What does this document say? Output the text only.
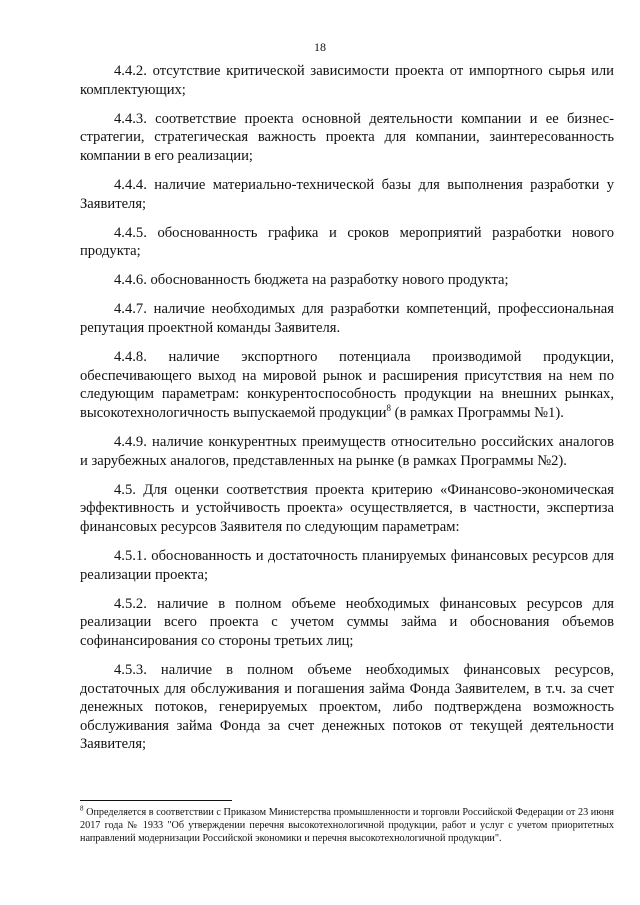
18

4.4.2. отсутствие критической зависимости проекта от импортного сырья или комплектующих;

4.4.3. соответствие проекта основной деятельности компании и ее бизнес-стратегии, стратегическая важность проекта для компании, заинтересованность компании в его реализации;

4.4.4. наличие материально-технической базы для выполнения разработки у Заявителя;

4.4.5. обоснованность графика и сроков мероприятий разработки нового продукта;

4.4.6. обоснованность бюджета на разработку нового продукта;

4.4.7. наличие необходимых для разработки компетенций, профессиональная репутация проектной команды Заявителя.

4.4.8. наличие экспортного потенциала производимой продукции, обеспечивающего выход на мировой рынок и расширения присутствия на нем по следующим параметрам: конкурентоспособность продукции на внешних рынках, высокотехнологичность выпускаемой продукции$^8$ (в рамках Программы №1).

4.4.9. наличие конкурентных преимуществ относительно российских аналогов и зарубежных аналогов, представленных на рынке (в рамках Программы №2).

4.5. Для оценки соответствия проекта критерию «Финансово-экономическая эффективность и устойчивость проекта» осуществляется, в частности, экспертиза финансовых ресурсов Заявителя по следующим параметрам:

4.5.1. обоснованность и достаточность планируемых финансовых ресурсов для реализации проекта;

4.5.2. наличие в полном объеме необходимых финансовых ресурсов для реализации всего проекта с учетом суммы займа и обоснования объемов софинансирования со стороны третьих лиц;

4.5.3. наличие в полном объеме необходимых финансовых ресурсов, достаточных для обслуживания и погашения займа Фонда Заявителем, в т.ч. за счет денежных потоков, генерируемых проектом, либо подтверждена возможность обслуживания займа Фонда за счет денежных потоков от текущей деятельности Заявителя;

$^8$ Определяется в соответствии с Приказом Министерства промышленности и торговли Российской Федерации от 23 июня 2017 года № 1933 "Об утверждении перечня высокотехнологичной продукции, работ и услуг с учетом приоритетных направлений модернизации Российской экономики и перечня высокотехнологичной продукции".
